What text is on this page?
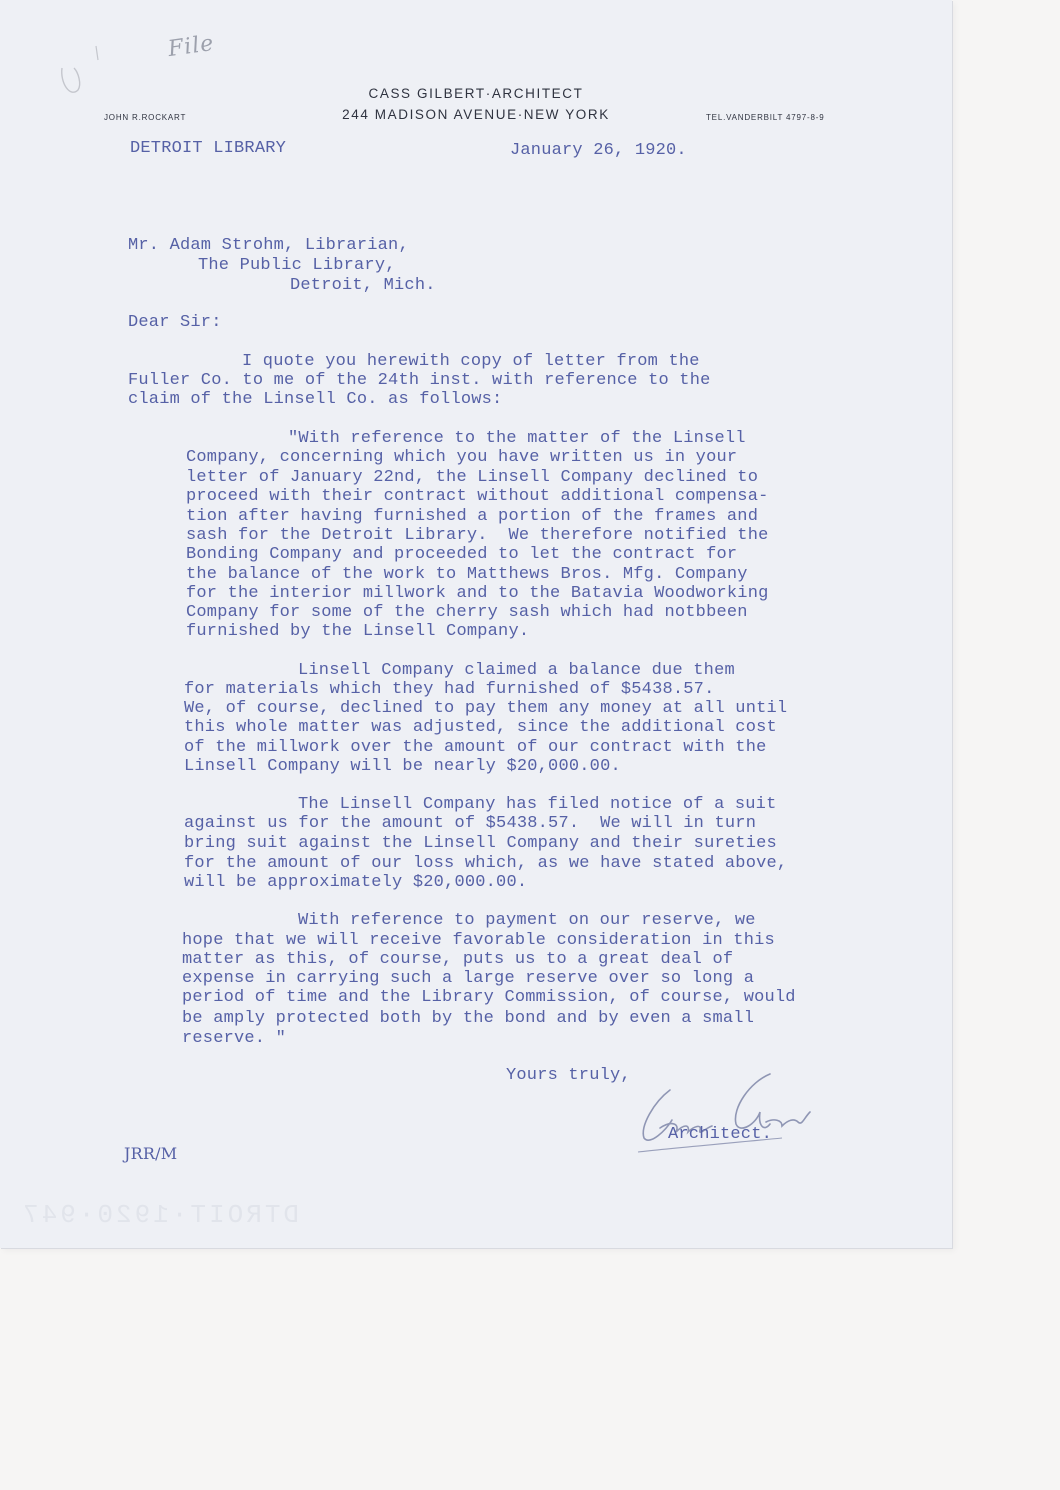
File
CASS GILBERT·ARCHITECT
244 MADISON AVENUE·NEW YORK
JOHN R.ROCKART	TEL.VANDERBILT 4797-8-9
DETROIT LIBRARY	January 26, 1920.
Mr. Adam Strohm, Librarian,
The Public Library,
Detroit, Mich.
Dear Sir:
I quote you herewith copy of letter from the
Fuller Co. to me of the 24th inst. with reference to the
claim of the Linsell Co. as follows:
"With reference to the matter of the Linsell
Company, concerning which you have written us in your
letter of January 22nd, the Linsell Company declined to
proceed with their contract without additional compensa-
tion after having furnished a portion of the frames and
sash for the Detroit Library.  We therefore notified the
Bonding Company and proceeded to let the contract for
the balance of the work to Matthews Bros. Mfg. Company
for the interior millwork and to the Batavia Woodworking
Company for some of the cherry sash which had notbbeen
furnished by the Linsell Company.
Linsell Company claimed a balance due them
for materials which they had furnished of $5438.57.
We, of course, declined to pay them any money at all until
this whole matter was adjusted, since the additional cost
of the millwork over the amount of our contract with the
Linsell Company will be nearly $20,000.00.
The Linsell Company has filed notice of a suit
against us for the amount of $5438.57.  We will in turn
bring suit against the Linsell Company and their sureties
for the amount of our loss which, as we have stated above,
will be approximately $20,000.00.
With reference to payment on our reserve, we
hope that we will receive favorable consideration in this
matter as this, of course, puts us to a great deal of
expense in carrying such a large reserve over so long a
period of time and the Library Commission, of course, would
be amply protected both by the bond and by even a small
reserve. "
Yours truly,
Architect.
JRR/M
DTROIT·1920·947
